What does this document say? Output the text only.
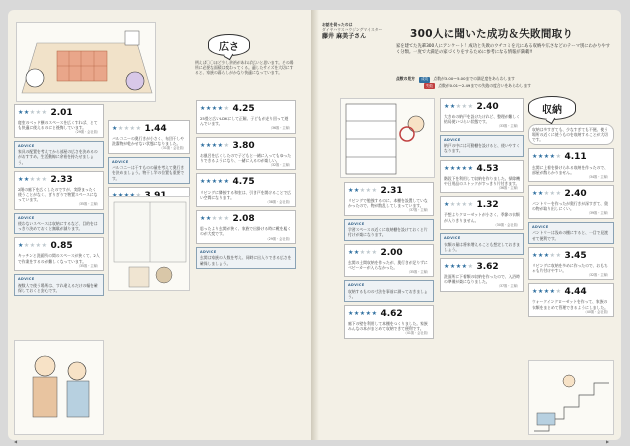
広さ
例えば〇〇ほど少し余裕があれば広いと思います。その場所に必要な面積は変わってくる。適したサイズを大切にすると、家族の暮らしがかなり快適になっています。
★★★★★ 2.01
寝室のベッド横のスペースを広くすれば、とても快適に使えるのにと後悔しています。
（29歳・会社員）
ADVICE
家具の配置を考えてから部屋の広さを決めるのがおすすめ。生活動線に余裕を持たせましょう。
★★★★★ 2.33
2階の廊下を広くしたのですが、実際まったく使うことがなく、ぎりぎりで物置スペースになっています。
（35歳・主婦）
ADVICE
使わないスペースは収納にするなど、目的をはっきり決めておくと無駄が減ります。
★★★★★ 0.85
キッチンと洗面所の間のスペースが狭くて、2人で作業をするのが難しくなっています。
（35歳・主婦）
ADVICE
複数人で使う場所は、すれ違えるだけの幅を確保しておくと安心です。
★★★★★ 1.44
バルコニーの奥行きが小さく、布団干しや洗濯物が乾かせない状態になりました。
（31歳・会社員）
ADVICE
バルコニーは干すものの量を考えて奥行きを決めましょう。物干し竿の位置も重要です。
★★★★★ 4.25
25畳と広いLDKにして正解。子どもが走り回って遊んでいます。
（36歳・主婦）
★★★★★ 3.80
お風呂を広くしたので子どもと一緒に入ってもゆったりできるようになり、一緒に入るのが楽しい。
（32歳・主婦）
★★★★★ 4.75
リビングに隣接する和室は、引き戸を開けることで広い空間になります。
（38歳・会社員）
★★★★★ 2.08
思ったより玄関が狭く、家族で出掛ける時に靴を履くのが大変です。
（29歳・会社員）
ADVICE
玄関は家族の人数を考え、同時に出入りできる広さを確保しましょう。
◀
お話を伺ったのは
ダイヤハウスハウジングマイスター
藤井 麻美子さん	300人に聞いた成功＆失敗間取り
家を建てた先輩300人にアンケート！成功と失敗のウチコミを元にある収納や広さなどのテーマ別にわかりやすく分類。一度で大満足の家づくりをするために参考になる情報が満載!!
点数の見方 成功 点数が3.00〜5.00までの満足度をあらわします
失敗 点数が0.01〜2.49までの失敗の度合いをあらわします
収納
★★★★★ 2.31
リビングで勉強するのに、本棚を設置していなかったので、物が散乱してしまっています。
（37歳・主婦）
ADVICE
学習スペースの近くに収納棚を設けておくと片付けが楽になります。
★★★★★ 2.00
玄関の土間収納を作ったが、奥行きが足りずにベビーカーが入らなかった。
（35歳・主婦）
ADVICE
収納するものの寸法を事前に測っておきましょう。
★★★★★ 4.62
廊下の壁を利用して本棚をつくりました。家族みんなの本がまとめて収納できて便利です。
（41歳・会社員）
★★★★★ 2.40
大きめの納戸を設けたけれど、整理が難しく結局使いづらい状態です。
（33歳・主婦）
ADVICE
納戸の中には可動棚を設けると、使いやすくなります。
★★★★★ 4.53
階段下を利用して収納を作りました。掃除機や日用品のストックがすっきり片付きます。
（36歳・主婦）
★★★★★ 1.32
予想よりクローゼットが小さく、季節の衣類が入りきりません。
（30歳・会社員）
ADVICE
衣類の量は将来増えることも想定しておきましょう。
★★★★★ 3.62
洗面所に下着類の収納を作ったので、入浴時の準備が楽になりました。
（37歳・主婦）
収納は多すぎても、少なすぎても不便。使う場所の近くに使うものを収納することが大切です。
★★★★★ 4.11
玄関に上着を掛けられる収納を作ったので、部屋が散らかりません。
（34歳・主婦）
★★★★★ 2.40
パントリーを作ったが奥行きが深すぎて、奥の物が取り出しにくい。
（39歳・主婦）
ADVICE
パントリーは浅めの棚にすると、一目で見渡せて便利です。
★★★★★ 3.45
リビングに収納を多めに作ったので、おもちゃも片付けやすい。
（32歳・主婦）
★★★★★ 4.44
ウォークインクローゼットを作って、家族の衣類をまとめて管理できるようにしました。
（40歳・会社員）
▶
